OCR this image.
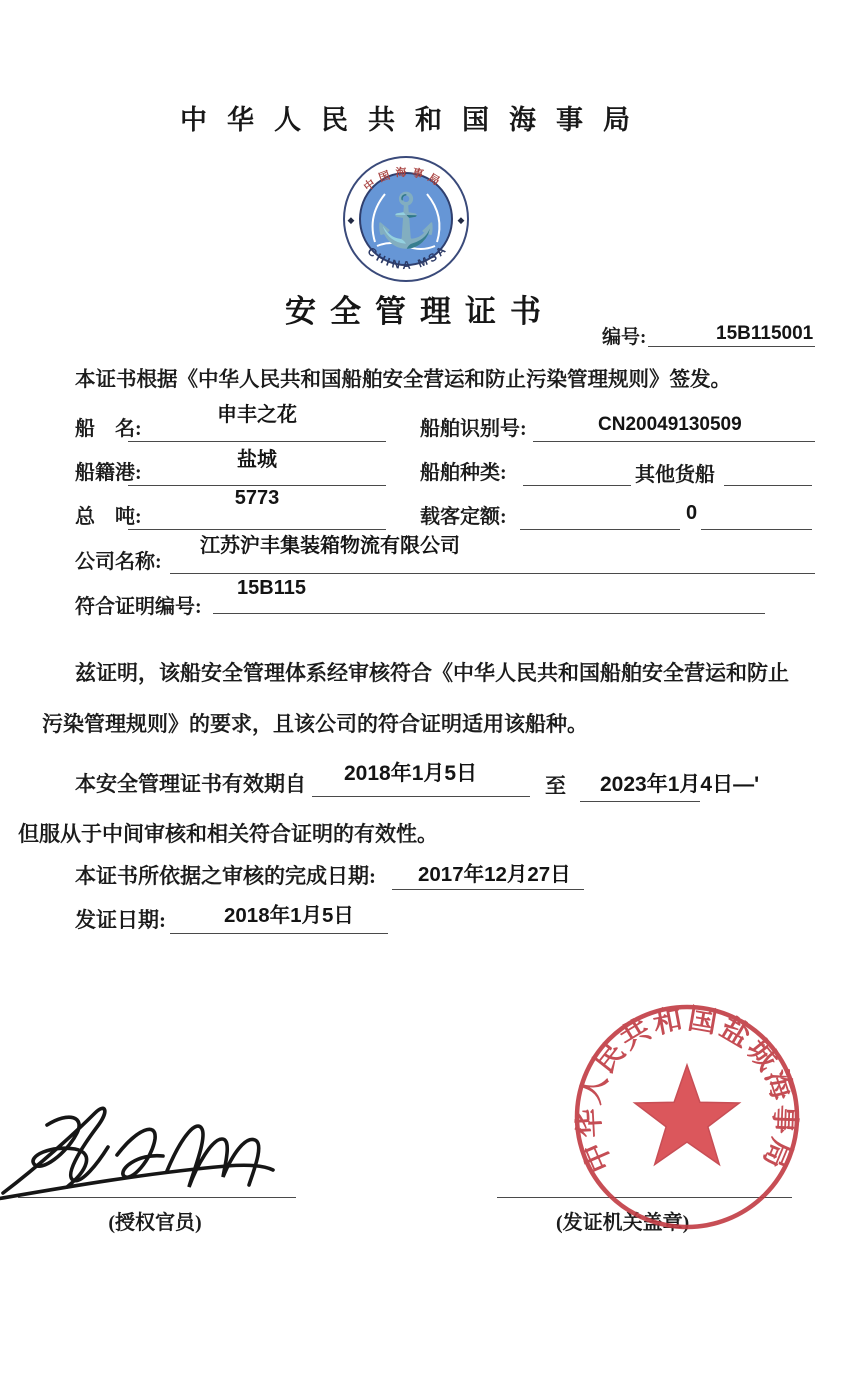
中华人民共和国海事局
⚓
中国海事局
CHINA MSA
◆	◆
安全管理证书
编号:	15B115001
本证书根据《中华人民共和国船舶安全营运和防止污染管理规则》签发。
船　名:
申丰之花
船舶识别号:	CN20049130509
船籍港:
盐城
船舶种类:	其他货船
总　吨:
5773
载客定额:	0
公司名称:
江苏沪丰集装箱物流有限公司
符合证明编号:
15B115
兹证明，该船安全管理体系经审核符合《中华人民共和国船舶安全营运和防止
污染管理规则》的要求，且该公司的符合证明适用该船种。
本安全管理证书有效期自 2018年1月5日
至 2023年1月4日—'
但服从于中间审核和相关符合证明的有效性。
本证书所依据之审核的完成日期: 2017年12月27日
发证日期:	2018年1月5日
(授权官员)	(发证机关盖章)
中华人民共和国盐城海事局
